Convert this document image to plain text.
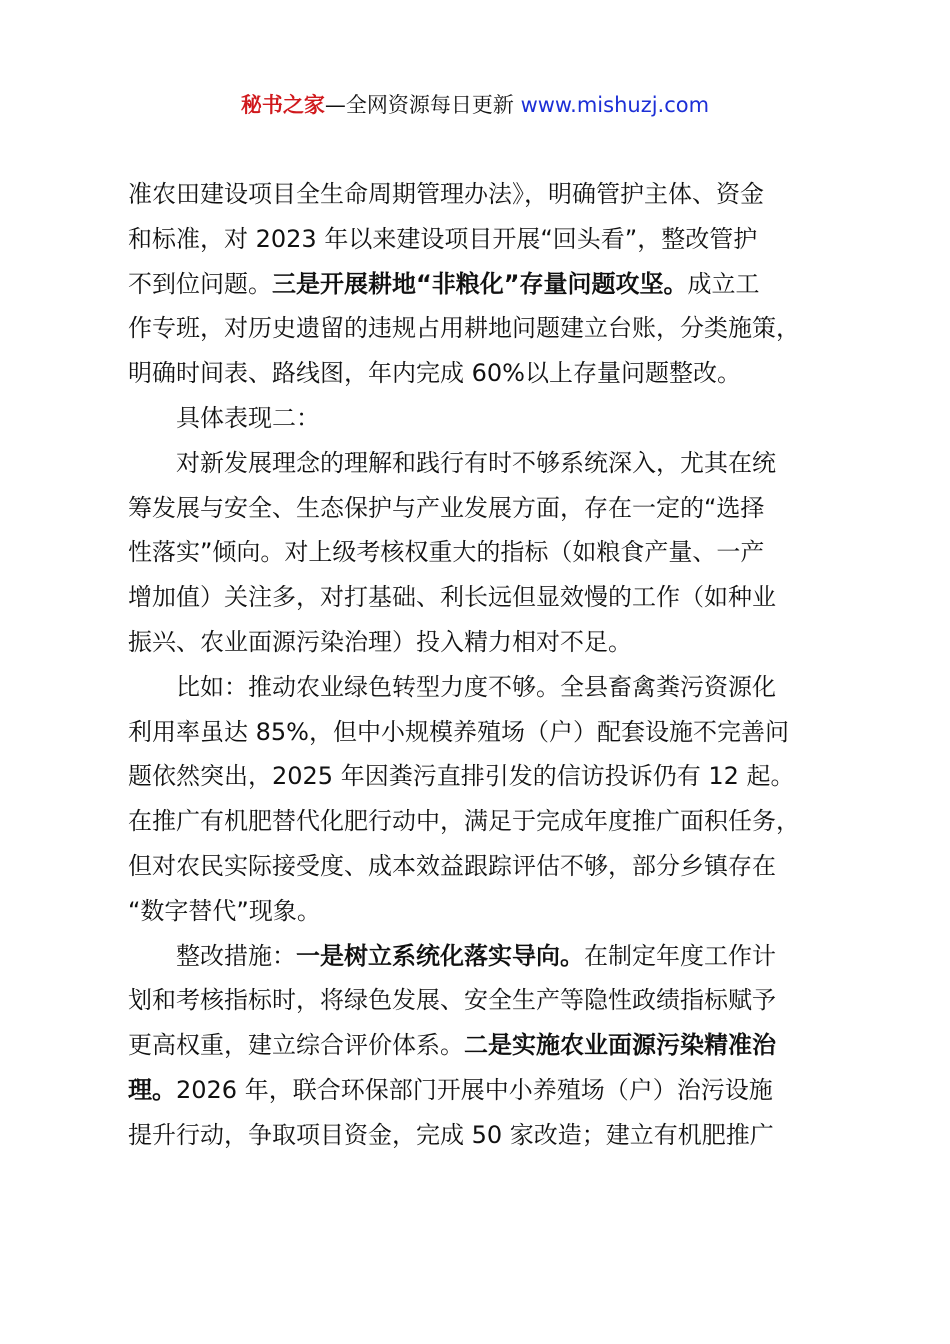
秘书之家—全网资源每日更新 www.mishuzj.com
准农田建设项目全生命周期管理办法》，明确管护主体、资金
和标准，对 2023 年以来建设项目开展“回头看”，整改管护
不到位问题。三是开展耕地“非粮化”存量问题攻坚。成立工
作专班，对历史遗留的违规占用耕地问题建立台账，分类施策，
明确时间表、路线图，年内完成 60%以上存量问题整改。
具体表现二：
对新发展理念的理解和践行有时不够系统深入，尤其在统
筹发展与安全、生态保护与产业发展方面，存在一定的“选择
性落实”倾向。对上级考核权重大的指标（如粮食产量、一产
增加值）关注多，对打基础、利长远但显效慢的工作（如种业
振兴、农业面源污染治理）投入精力相对不足。
比如：推动农业绿色转型力度不够。全县畜禽粪污资源化
利用率虽达 85%，但中小规模养殖场（户）配套设施不完善问
题依然突出，2025 年因粪污直排引发的信访投诉仍有 12 起。
在推广有机肥替代化肥行动中，满足于完成年度推广面积任务，
但对农民实际接受度、成本效益跟踪评估不够，部分乡镇存在
“数字替代”现象。
整改措施：一是树立系统化落实导向。在制定年度工作计
划和考核指标时，将绿色发展、安全生产等隐性政绩指标赋予
更高权重，建立综合评价体系。二是实施农业面源污染精准治
理。2026 年，联合环保部门开展中小养殖场（户）治污设施
提升行动，争取项目资金，完成 50 家改造；建立有机肥推广
